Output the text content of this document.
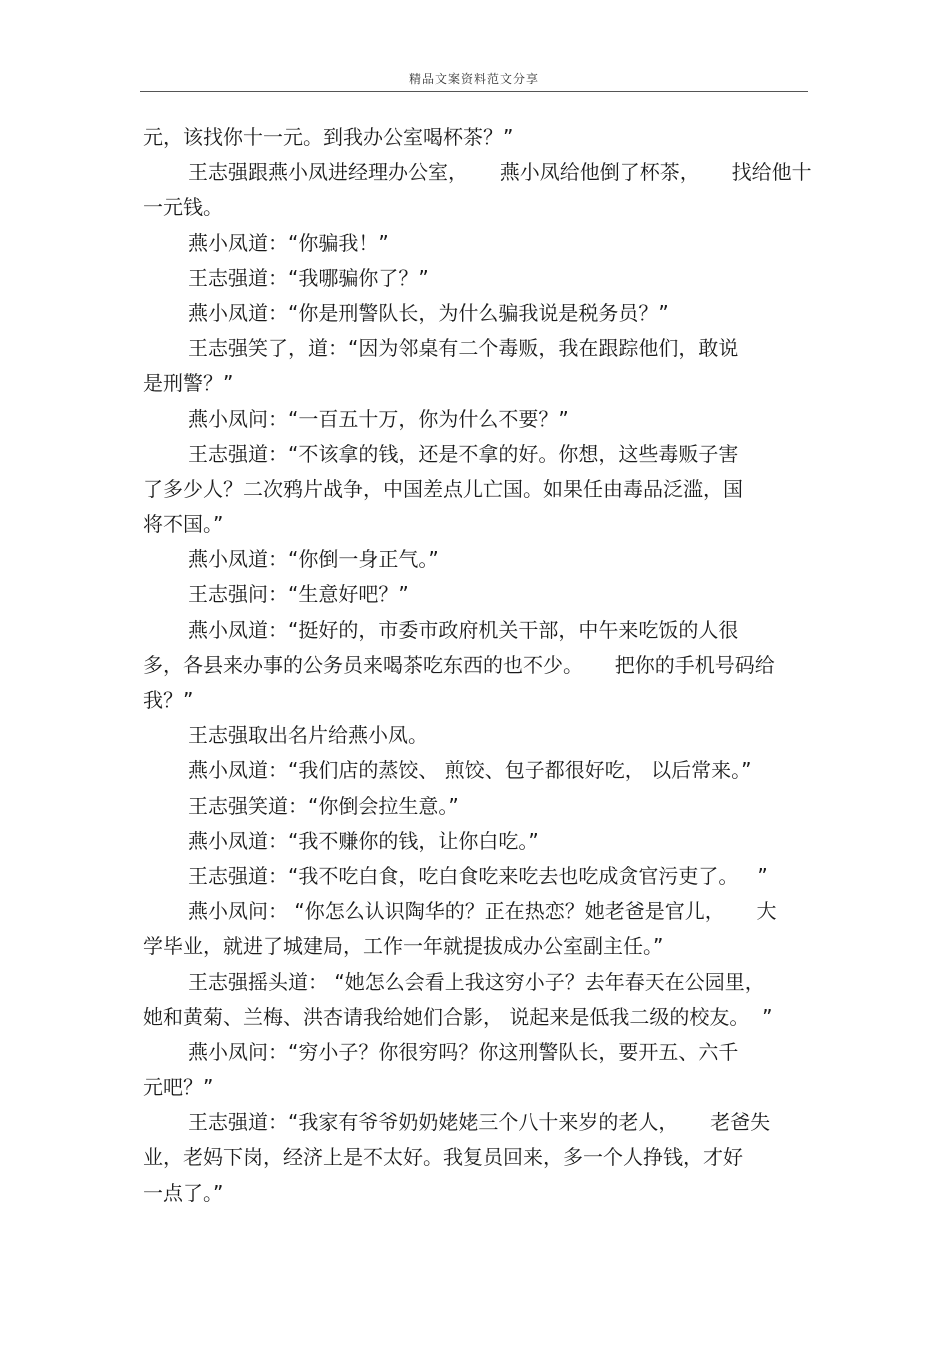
精品文案资料范文分享
元，该找你十一元。到我办公室喝杯茶？”
王志强跟燕小凤进经理办公室，     燕小凤给他倒了杯茶，     找给他十
一元钱。
燕小凤道：“你骗我！”
王志强道：“我哪骗你了？”
燕小凤道：“你是刑警队长，为什么骗我说是税务员？”
王志强笑了，道：“因为邻桌有二个毒贩，我在跟踪他们，敢说
是刑警？”
燕小凤问：“一百五十万，你为什么不要？”
王志强道：“不该拿的钱，还是不拿的好。你想，这些毒贩子害
了多少人？二次鸦片战争，中国差点儿亡国。如果任由毒品泛滥，国
将不国。”
燕小凤道：“你倒一身正气。”
王志强问：“生意好吧？”
燕小凤道：“挺好的，市委市政府机关干部，中午来吃饭的人很
多，各县来办事的公务员来喝茶吃东西的也不少。     把你的手机号码给
我？”
王志强取出名片给燕小凤。
燕小凤道：“我们店的蒸饺、 煎饺、包子都很好吃， 以后常来。”
王志强笑道：“你倒会拉生意。”
燕小凤道：“我不赚你的钱，让你白吃。”
王志强道：“我不吃白食，吃白食吃来吃去也吃成贪官污吏了。   ”
燕小凤问： “你怎么认识陶华的？正在热恋？她老爸是官儿，     大
学毕业，就进了城建局，工作一年就提拔成办公室副主任。”
王志强摇头道： “她怎么会看上我这穷小子？去年春天在公园里，
她和黄菊、兰梅、洪杏请我给她们合影， 说起来是低我二级的校友。  ”
燕小凤问：“穷小子？你很穷吗？你这刑警队长，要开五、六千
元吧？”
王志强道：“我家有爷爷奶奶姥姥三个八十来岁的老人，     老爸失
业，老妈下岗，经济上是不太好。我复员回来，多一个人挣钱，才好
一点了。”
